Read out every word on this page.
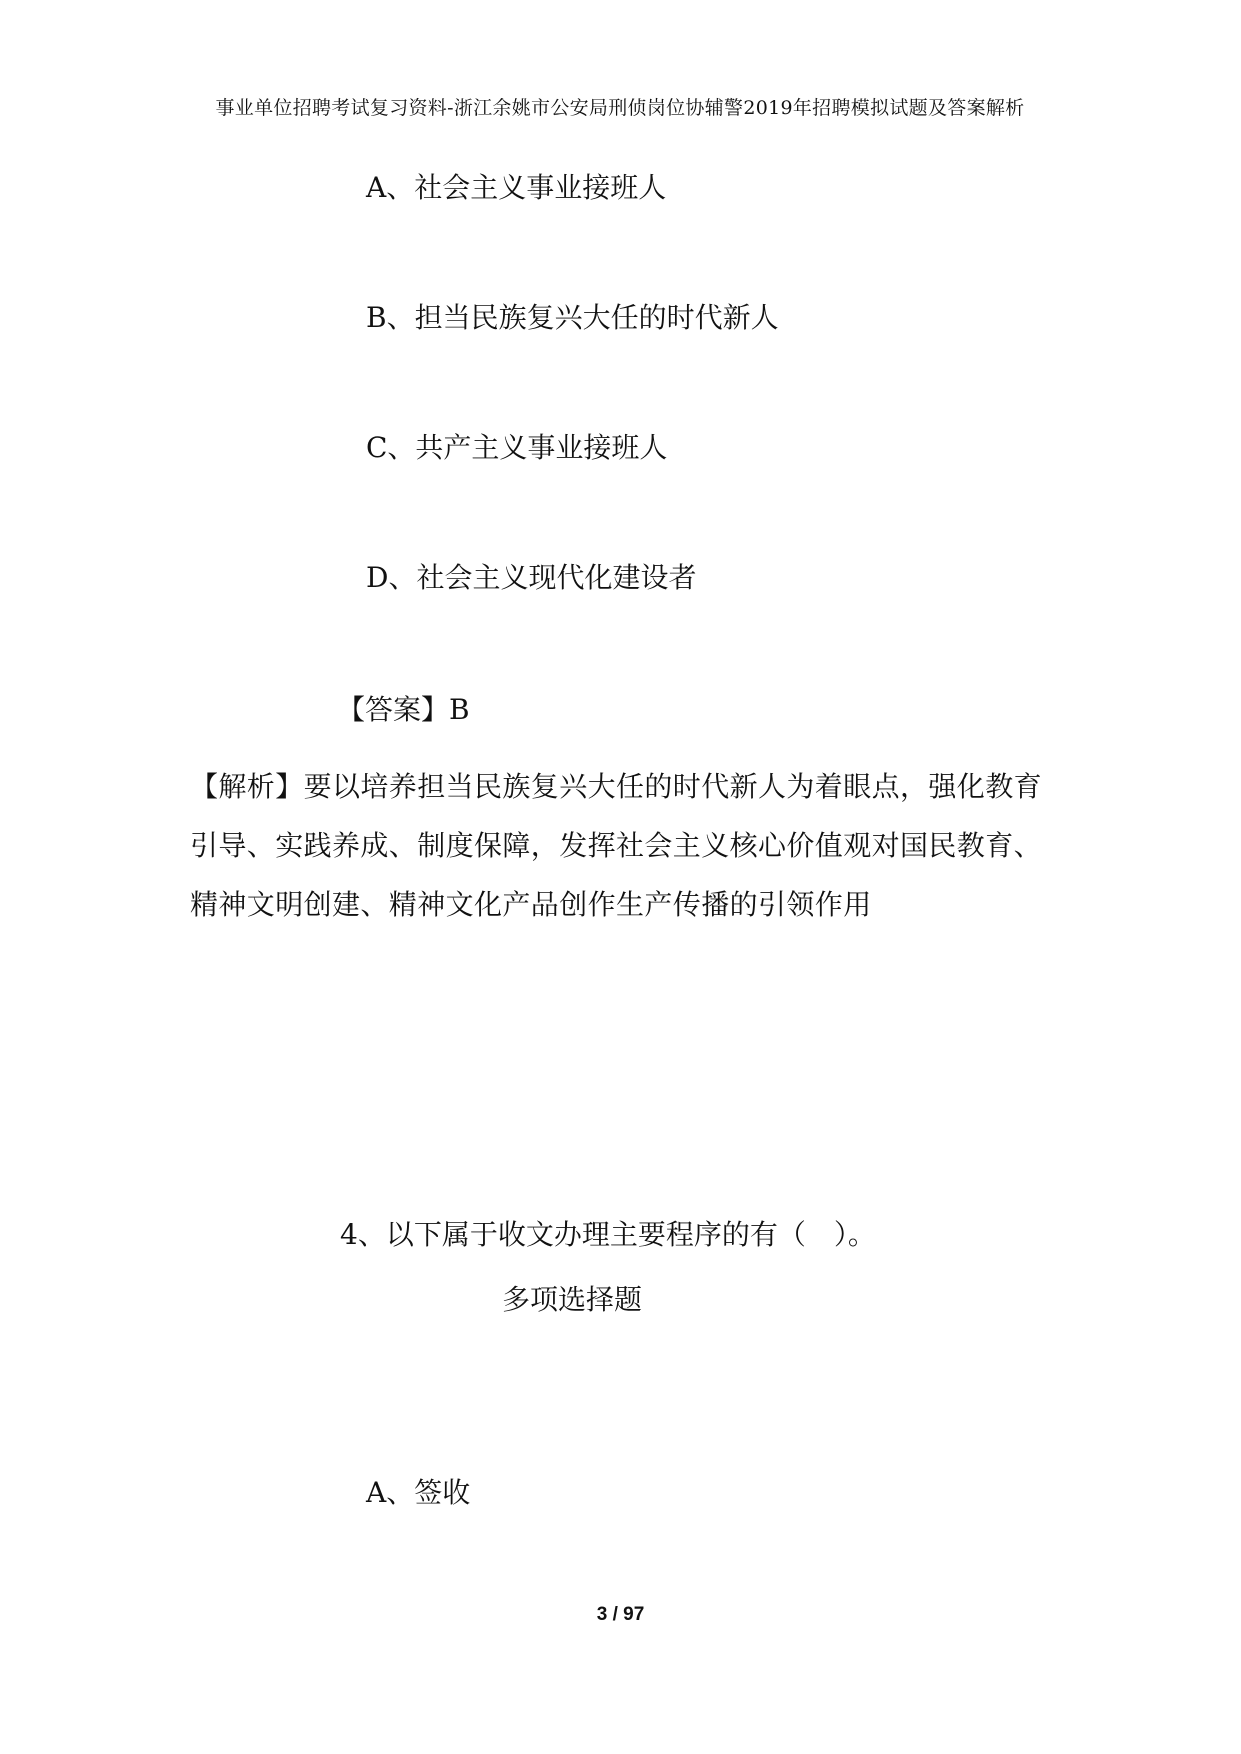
事业单位招聘考试复习资料-浙江余姚市公安局刑侦岗位协辅警2019年招聘模拟试题及答案解析
A、社会主义事业接班人
B、担当民族复兴大任的时代新人
C、共产主义事业接班人
D、社会主义现代化建设者
【答案】B
【解析】要以培养担当民族复兴大任的时代新人为着眼点，强化教育引导、实践养成、制度保障，发挥社会主义核心价值观对国民教育、精神文明创建、精神文化产品创作生产传播的引领作用
4、以下属于收文办理主要程序的有（　）。
多项选择题
A、签收
3 / 97
